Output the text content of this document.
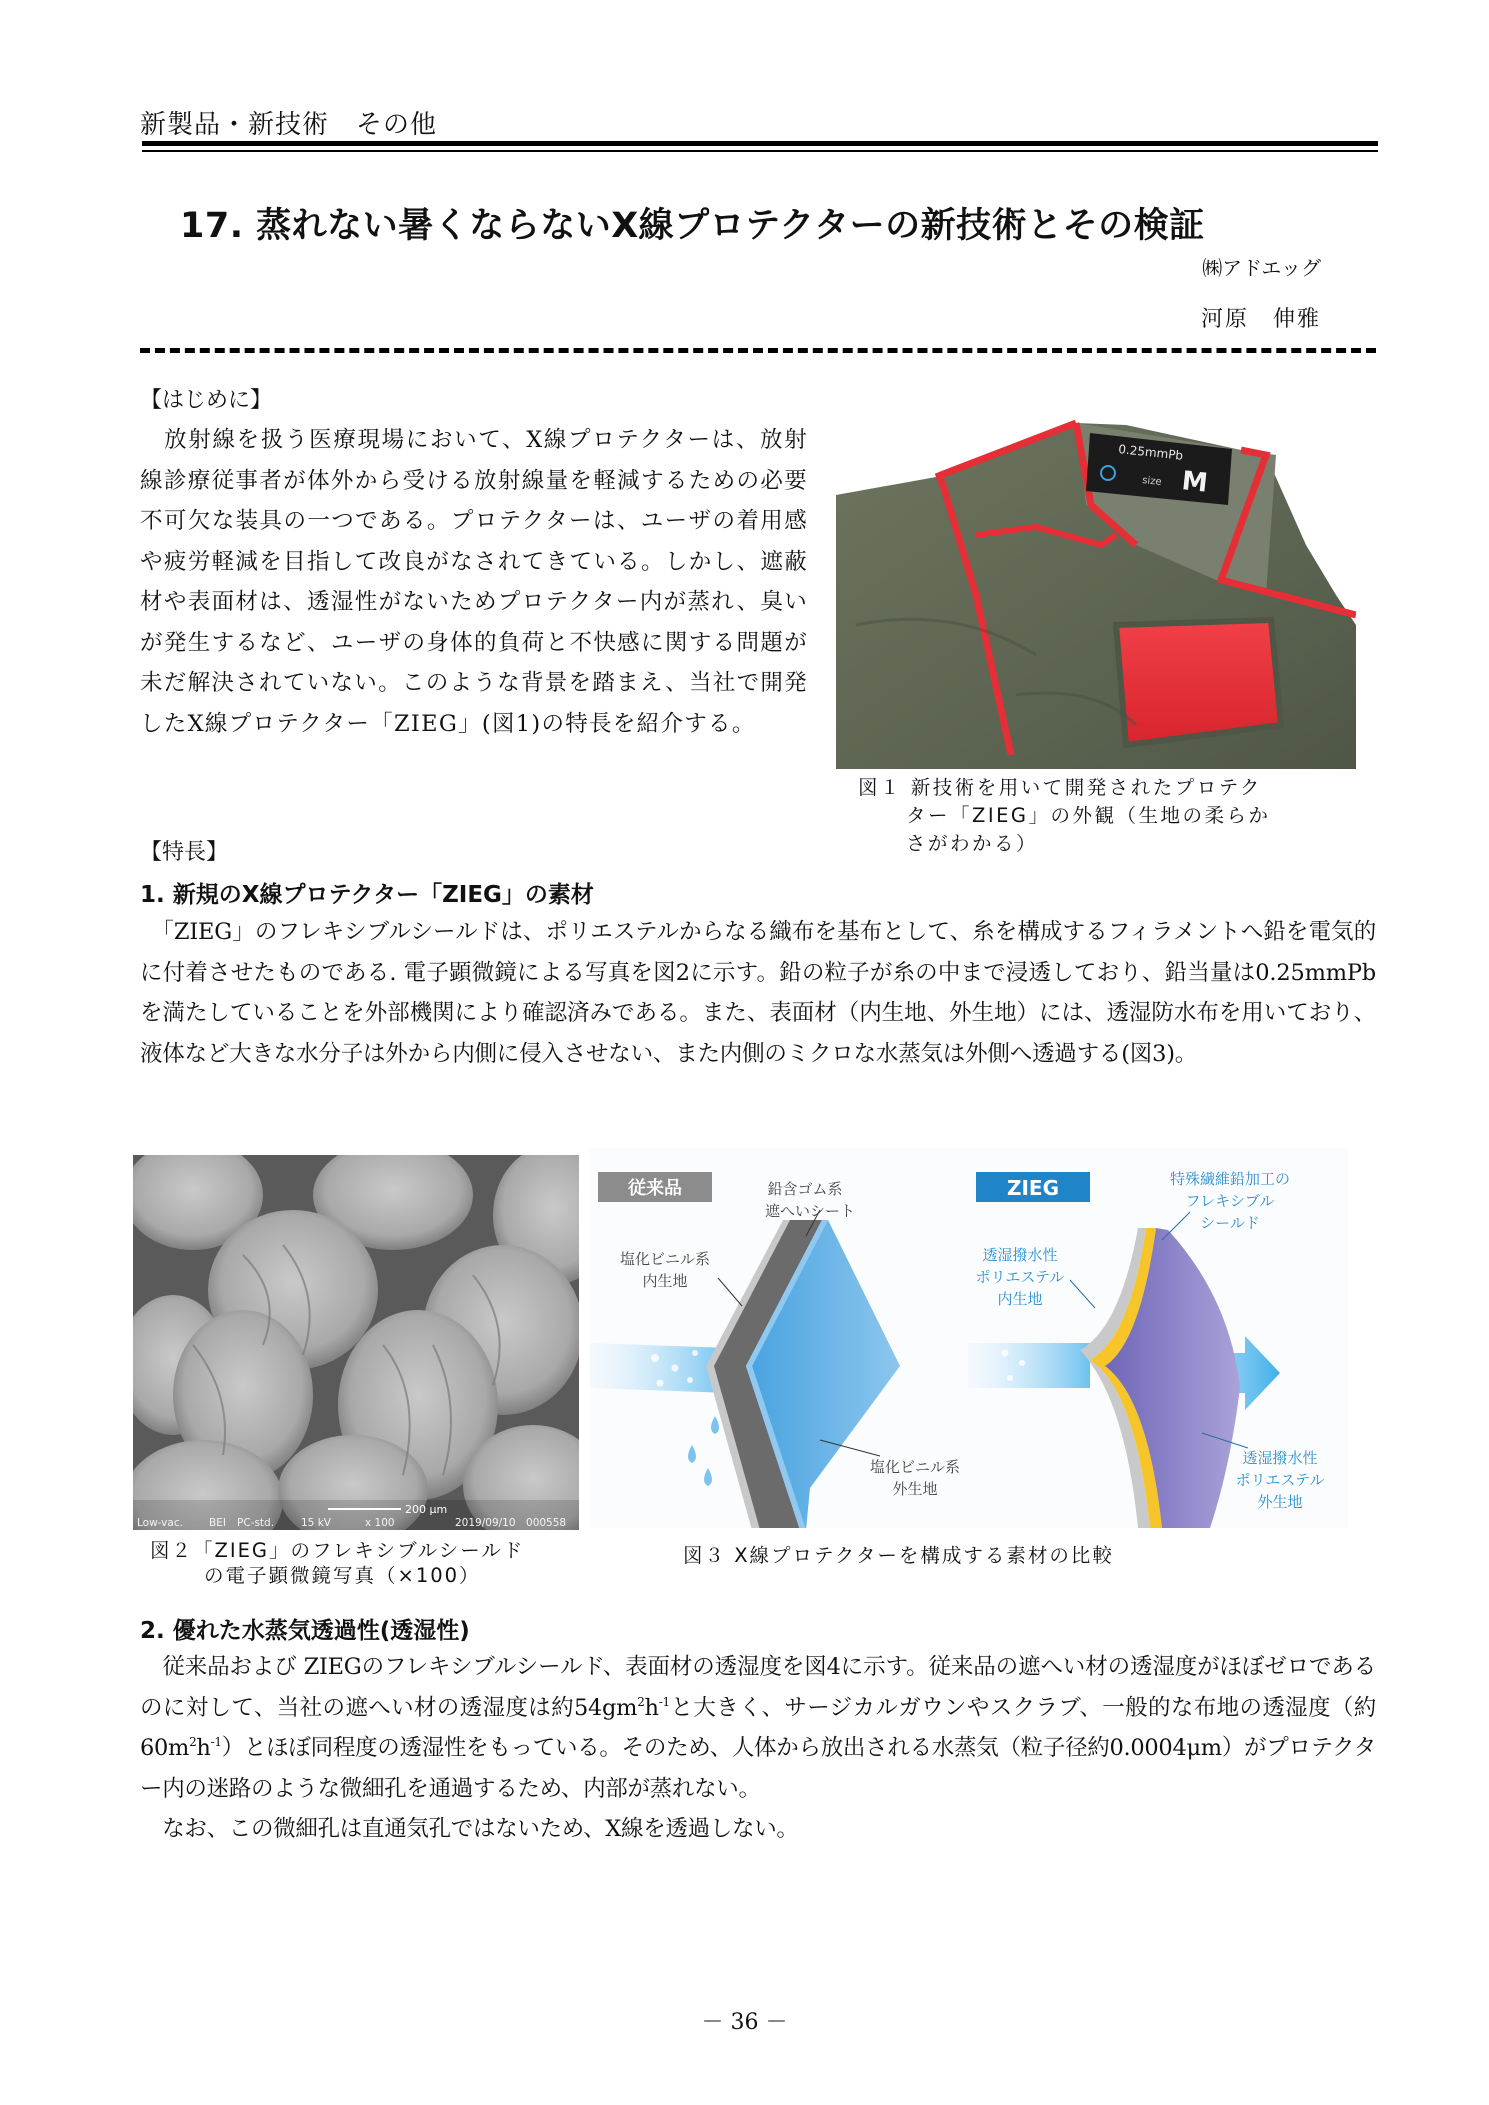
新製品・新技術　その他
17. 蒸れない暑くならないX線プロテクターの新技術とその検証
㈱アドエッグ
河原　伸雅
【はじめに】
　放射線を扱う医療現場において、X線プロテクターは、放射線診療従事者が体外から受ける放射線量を軽減するための必要不可欠な装具の一つである。プロテクターは、ユーザの着用感や疲労軽減を目指して改良がなされてきている。しかし、遮蔽材や表面材は、透湿性がないためプロテクター内が蒸れ、臭いが発生するなど、ユーザの身体的負荷と不快感に関する問題が未だ解決されていない。このような背景を踏まえ、当社で開発したX線プロテクター「ZIEG」(図1)の特長を紹介する。
0.25mmPb
size M
図１ 新技術を用いて開発されたプロテク

ター「ZIEG」の外観（生地の柔らか
さがわかる）
【特長】
1. 新規のX線プロテクター「ZIEG」の素材
　「ZIEG」のフレキシブルシールドは、ポリエステルからなる織布を基布として、糸を構成するフィラメントへ鉛を電気的に付着させたものである. 電子顕微鏡による写真を図2に示す。鉛の粒子が糸の中まで浸透しており、鉛当量は0.25mmPbを満たしていることを外部機関により確認済みである。また、表面材（内生地、外生地）には、透湿防水布を用いており、液体など大きな水分子は外から内側に侵入させない、また内側のミクロな水蒸気は外側へ透過する(図3)。
200 μm
Low-vac. BEI PC-std.	15 kV	x 100	2019/09/10　000558
図２「ZIEG」のフレキシブルシールド
の電子顕微鏡写真（×100）
従来品	鉛含ゴム系
遮へいシート
塩化ビニル系
内生地
塩化ビニル系
外生地
ZIEG	特殊繊維鉛加工の
フレキシブル
シールド
透湿撥水性
ポリエステル
内生地
透湿撥水性
ポリエステル
外生地
図３ X線プロテクターを構成する素材の比較
2. 優れた水蒸気透過性(透湿性)
　従来品および ZIEGのフレキシブルシールド、表面材の透湿度を図4に示す。従来品の遮へい材の透湿度がほぼゼロであるのに対して、当社の遮へい材の透湿度は約$54gm^2h^{-1}$と大きく、サージカルガウンやスクラブ、一般的な布地の透湿度（約 $60m^2h^{-1}$）とほぼ同程度の透湿性をもっている。そのため、人体から放出される水蒸気（粒子径約0.0004μm）がプロテクター内の迷路のような微細孔を通過するため、内部が蒸れない。
　なお、この微細孔は直通気孔ではないため、X線を透過しない。
－ 36 －
